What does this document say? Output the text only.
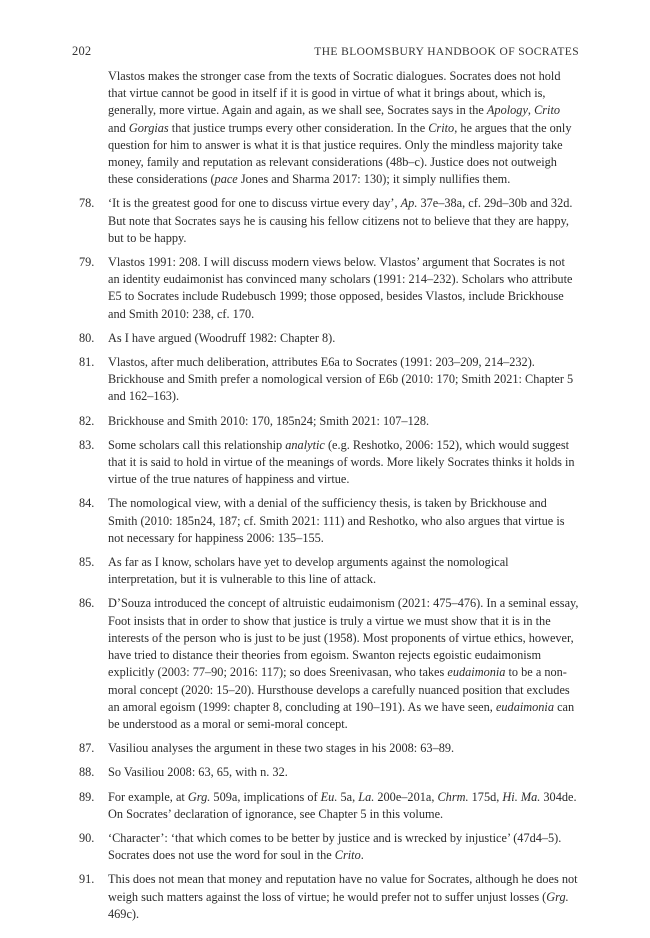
202	THE BLOOMSBURY HANDBOOK OF SOCRATES

Vlastos makes the stronger case from the texts of Socratic dialogues. Socrates does not hold that virtue cannot be good in itself if it is good in virtue of what it brings about, which is, generally, more virtue. Again and again, as we shall see, Socrates says in the Apology, Crito and Gorgias that justice trumps every other consideration. In the Crito, he argues that the only question for him to answer is what it is that justice requires. Only the mindless majority take money, family and reputation as relevant considerations (48b–c). Justice does not outweigh these considerations (pace Jones and Sharma 2017: 130); it simply nullifies them.

78.	‘It is the greatest good for one to discuss virtue every day’, Ap. 37e–38a, cf. 29d–30b and 32d. But note that Socrates says he is causing his fellow citizens not to believe that they are happy, but to be happy.
79.	Vlastos 1991: 208. I will discuss modern views below. Vlastos’ argument that Socrates is not an identity eudaimonist has convinced many scholars (1991: 214–232). Scholars who attribute E5 to Socrates include Rudebusch 1999; those opposed, besides Vlastos, include Brickhouse and Smith 2010: 238, cf. 170.
80.	As I have argued (Woodruff 1982: Chapter 8).
81.	Vlastos, after much deliberation, attributes E6a to Socrates (1991: 203–209, 214–232). Brickhouse and Smith prefer a nomological version of E6b (2010: 170; Smith 2021: Chapter 5 and 162–163).
82.	Brickhouse and Smith 2010: 170, 185n24; Smith 2021: 107–128.
83.	Some scholars call this relationship analytic (e.g. Reshotko, 2006: 152), which would suggest that it is said to hold in virtue of the meanings of words. More likely Socrates thinks it holds in virtue of the true natures of happiness and virtue.
84.	The nomological view, with a denial of the sufficiency thesis, is taken by Brickhouse and Smith (2010: 185n24, 187; cf. Smith 2021: 111) and Reshotko, who also argues that virtue is not necessary for happiness 2006: 135–155.
85.	As far as I know, scholars have yet to develop arguments against the nomological interpretation, but it is vulnerable to this line of attack.
86.	D’Souza introduced the concept of altruistic eudaimonism (2021: 475–476). In a seminal essay, Foot insists that in order to show that justice is truly a virtue we must show that it is in the interests of the person who is just to be just (1958). Most proponents of virtue ethics, however, have tried to distance their theories from egoism. Swanton rejects egoistic eudaimonism explicitly (2003: 77–90; 2016: 117); so does Sreenivasan, who takes eudaimonia to be a non-moral concept (2020: 15–20). Hursthouse develops a carefully nuanced position that excludes an amoral egoism (1999: chapter 8, concluding at 190–191). As we have seen, eudaimonia can be understood as a moral or semi-moral concept.
87.	Vasiliou analyses the argument in these two stages in his 2008: 63–89.
88.	So Vasiliou 2008: 63, 65, with n. 32.
89.	For example, at Grg. 509a, implications of Eu. 5a, La. 200e–201a, Chrm. 175d, Hi. Ma. 304de. On Socrates’ declaration of ignorance, see Chapter 5 in this volume.
90.	‘Character’: ‘that which comes to be better by justice and is wrecked by injustice’ (47d4–5). Socrates does not use the word for soul in the Crito.
91.	This does not mean that money and reputation have no value for Socrates, although he does not weigh such matters against the loss of virtue; he would prefer not to suffer unjust losses (Grg. 469c).
